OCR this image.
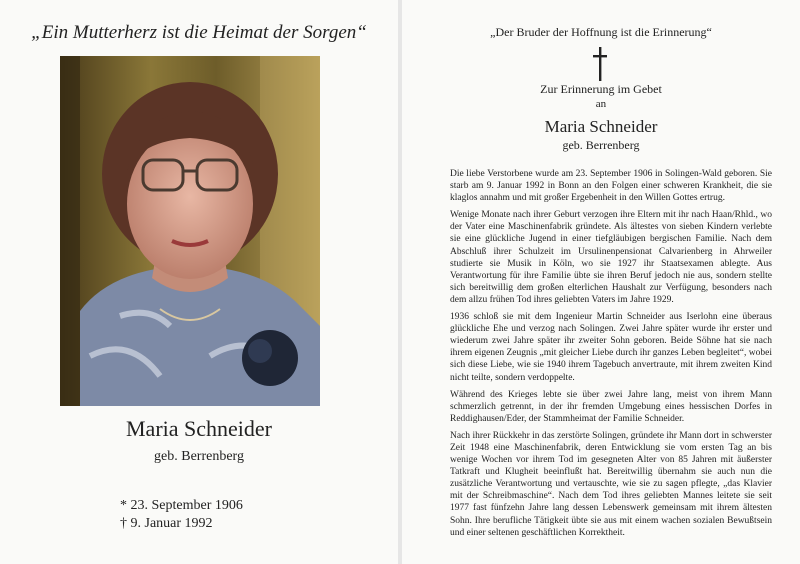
„Ein Mutterherz ist die Heimat der Sorgen“
Maria Schneider
geb. Berrenberg
* 23. September 1906
† 9. Januar 1992
„Der Bruder der Hoffnung ist die Erinnerung“
Zur Erinnerung im Gebet
an
Maria Schneider
geb. Berrenberg

Die liebe Verstorbene wurde am 23. September 1906 in Solingen-Wald geboren. Sie starb am 9. Januar 1992 in Bonn an den Folgen einer schweren Krankheit, die sie klaglos annahm und mit großer Ergebenheit in den Willen Gottes ertrug.

Wenige Monate nach ihrer Geburt verzogen ihre Eltern mit ihr nach Haan/Rhld., wo der Vater eine Maschinenfabrik gründete. Als ältestes von sieben Kindern verlebte sie eine glückliche Jugend in einer tiefgläubigen bergischen Familie. Nach dem Abschluß ihrer Schulzeit im Ursulinenpensionat Calvarienberg in Ahrweiler studierte sie Musik in Köln, wo sie 1927 ihr Staatsexamen ablegte. Aus Verantwortung für ihre Familie übte sie ihren Beruf jedoch nie aus, sondern stellte sich bereitwillig dem großen elterlichen Haushalt zur Verfügung, besonders nach dem allzu frühen Tod ihres geliebten Vaters im Jahre 1929.

1936 schloß sie mit dem Ingenieur Martin Schneider aus Iserlohn eine überaus glückliche Ehe und verzog nach Solingen. Zwei Jahre später wurde ihr erster und wiederum zwei Jahre später ihr zweiter Sohn geboren. Beide Söhne hat sie nach ihrem eigenen Zeugnis „mit gleicher Liebe durch ihr ganzes Leben begleitet“, wobei sich diese Liebe, wie sie 1940 ihrem Tagebuch anvertraute, mit ihrem zweiten Kind nicht teilte, sondern verdoppelte.

Während des Krieges lebte sie über zwei Jahre lang, meist von ihrem Mann schmerzlich getrennt, in der ihr fremden Umgebung eines hessischen Dorfes in Reddighausen/Eder, der Stammheimat der Familie Schneider.

Nach ihrer Rückkehr in das zerstörte Solingen, gründete ihr Mann dort in schwerster Zeit 1948 eine Maschinenfabrik, deren Entwicklung sie vom ersten Tag an bis wenige Wochen vor ihrem Tod im gesegneten Alter von 85 Jahren mit äußerster Tatkraft und Klugheit beeinflußt hat. Bereitwillig übernahm sie auch nun die zusätzliche Verantwortung und vertauschte, wie sie zu sagen pflegte, „das Klavier mit der Schreibmaschine“. Nach dem Tod ihres geliebten Mannes leitete sie seit 1977 fast fünfzehn Jahre lang dessen Lebenswerk gemeinsam mit ihrem ältesten Sohn. Ihre berufliche Tätigkeit übte sie aus mit einem wachen sozialen Bewußtsein und einer seltenen geschäftlichen Korrektheit.
